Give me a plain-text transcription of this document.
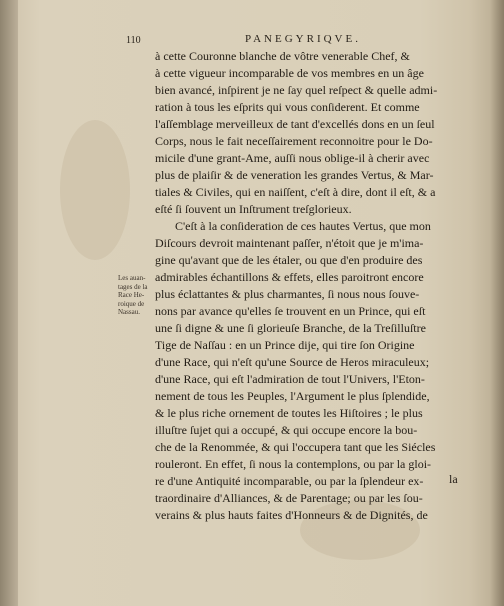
110	PANEGYRIQVE.
Les auan-
tages de la
Race He-
roique de
Nassau.
à cette Couronne blanche de vôtre venerable Chef, &
à cette vigueur incomparable de vos membres en un âge
bien avancé, inſpirent je ne ſay quel reſpect & quelle admi-
ration à tous les eſprits qui vous conſiderent. Et comme
l'aſſemblage merveilleux de tant d'excellés dons en un ſeul
Corps, nous le fait neceſſairement reconnoitre pour le Do-
micile d'une grant-Ame, auſſi nous oblige-il à cherir avec
plus de plaiſir & de veneration les grandes Vertus, & Mar-
tiales & Civiles, qui en naiſſent, c'eſt à dire, dont il eſt, & a
eſté ſi ſouvent un Inſtrument treſglorieux.
C'eſt à la conſideration de ces hautes Vertus, que mon
Diſcours devroit maintenant paſſer, n'étoit que je m'ima-
gine qu'avant que de les étaler, ou que d'en produire des
admirables échantillons & effets, elles paroitront encore
plus éclattantes & plus charmantes, ſi nous nous ſouve-
nons par avance qu'elles ſe trouvent en un Prince, qui eſt
une ſi digne & une ſi glorieuſe Branche, de la Treſilluſtre
Tige de Naſſau : en un Prince dije, qui tire ſon Origine
d'une Race, qui n'eſt qu'une Source de Heros miraculeux;
d'une Race, qui eſt l'admiration de tout l'Univers, l'Eton-
nement de tous les Peuples, l'Argument le plus ſplendide,
& le plus riche ornement de toutes les Hiſtoires ; le plus
illuſtre ſujet qui a occupé, & qui occupe encore la bou-
che de la Renommée, & qui l'occupera tant que les Siécles
rouleront. En effet, ſi nous la contemplons, ou par la gloi-
re d'une Antiquité incomparable, ou par la ſplendeur ex-
traordinaire d'Alliances, & de Parentage; ou par les ſou-
verains & plus hauts faites d'Honneurs & de Dignités, de
la
